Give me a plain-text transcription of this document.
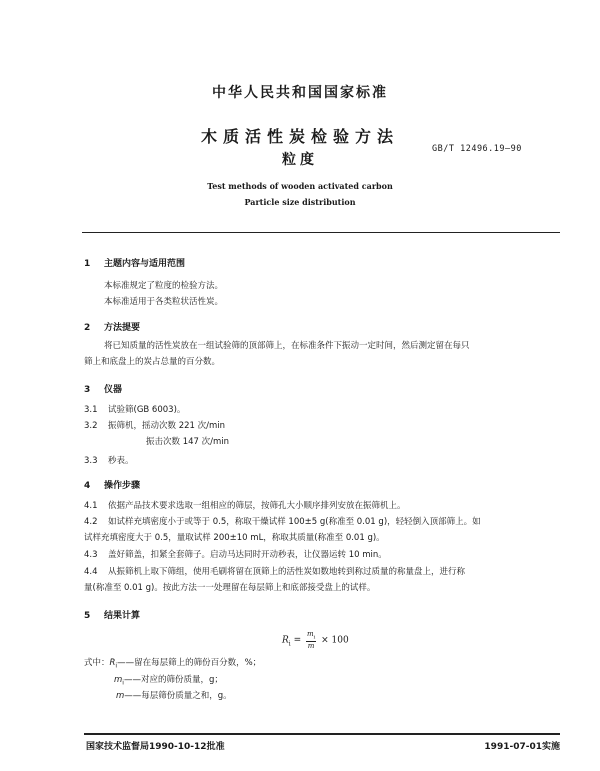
中华人民共和国国家标准
木质活性炭检验方法
GB/T 12496.19—90
粒度
Test methods of wooden activated carbon
Particle size distribution
1 主题内容与适用范围
本标准规定了粒度的检验方法。
本标准适用于各类粒状活性炭。
2 方法提要
将已知质量的活性炭放在一组试验筛的顶部筛上，在标准条件下振动一定时间，然后测定留在每只
筛上和底盘上的炭占总量的百分数。
3 仪器
3.1 试验筛(GB 6003)。
3.2 振筛机，摇动次数 221 次/min
振击次数 147 次/min
3.3 秒表。
4 操作步骤
4.1 依据产品技术要求选取一组相应的筛层，按筛孔大小顺序排列安放在振筛机上。
4.2 如试样充填密度小于或等于 0.5，称取干燥试样 100±5 g(称准至 0.01 g)，轻轻倒入顶部筛上。如
试样充填密度大于 0.5，量取试样 200±10 mL，称取其质量(称准至 0.01 g)。
4.3 盖好筛盖，扣紧全套筛子。启动马达同时开动秒表，让仪器运转 10 min。
4.4 从振筛机上取下筛组，使用毛刷将留在顶筛上的活性炭如数地转到称过质量的称量盘上，进行称
量(称准至 0.01 g)。按此方法一一处理留在每层筛上和底部接受盘上的试样。
5 结果计算
$R_i = \frac{m_i}{m} \times 100$
式中：$R_i——$留在每层筛上的筛份百分数，%；
$m_i——$对应的筛份质量，g；
m——每层筛份质量之和，g。
国家技术监督局1990-10-12批准	1991-07-01实施
